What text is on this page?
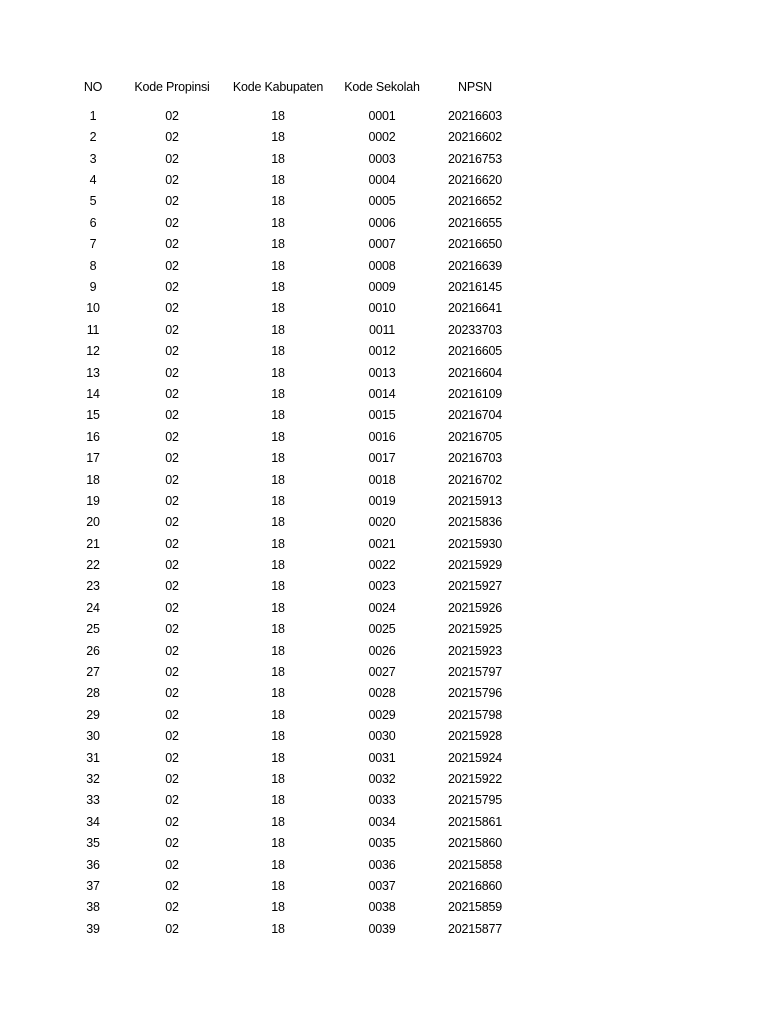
NO	Kode Propinsi	Kode Kabupaten	Kode Sekolah	NPSN
1	02	18	0001	20216603
2	02	18	0002	20216602
3	02	18	0003	20216753
4	02	18	0004	20216620
5	02	18	0005	20216652
6	02	18	0006	20216655
7	02	18	0007	20216650
8	02	18	0008	20216639
9	02	18	0009	20216145
10	02	18	0010	20216641
11	02	18	0011	20233703
12	02	18	0012	20216605
13	02	18	0013	20216604
14	02	18	0014	20216109
15	02	18	0015	20216704
16	02	18	0016	20216705
17	02	18	0017	20216703
18	02	18	0018	20216702
19	02	18	0019	20215913
20	02	18	0020	20215836
21	02	18	0021	20215930
22	02	18	0022	20215929
23	02	18	0023	20215927
24	02	18	0024	20215926
25	02	18	0025	20215925
26	02	18	0026	20215923
27	02	18	0027	20215797
28	02	18	0028	20215796
29	02	18	0029	20215798
30	02	18	0030	20215928
31	02	18	0031	20215924
32	02	18	0032	20215922
33	02	18	0033	20215795
34	02	18	0034	20215861
35	02	18	0035	20215860
36	02	18	0036	20215858
37	02	18	0037	20216860
38	02	18	0038	20215859
39	02	18	0039	20215877
